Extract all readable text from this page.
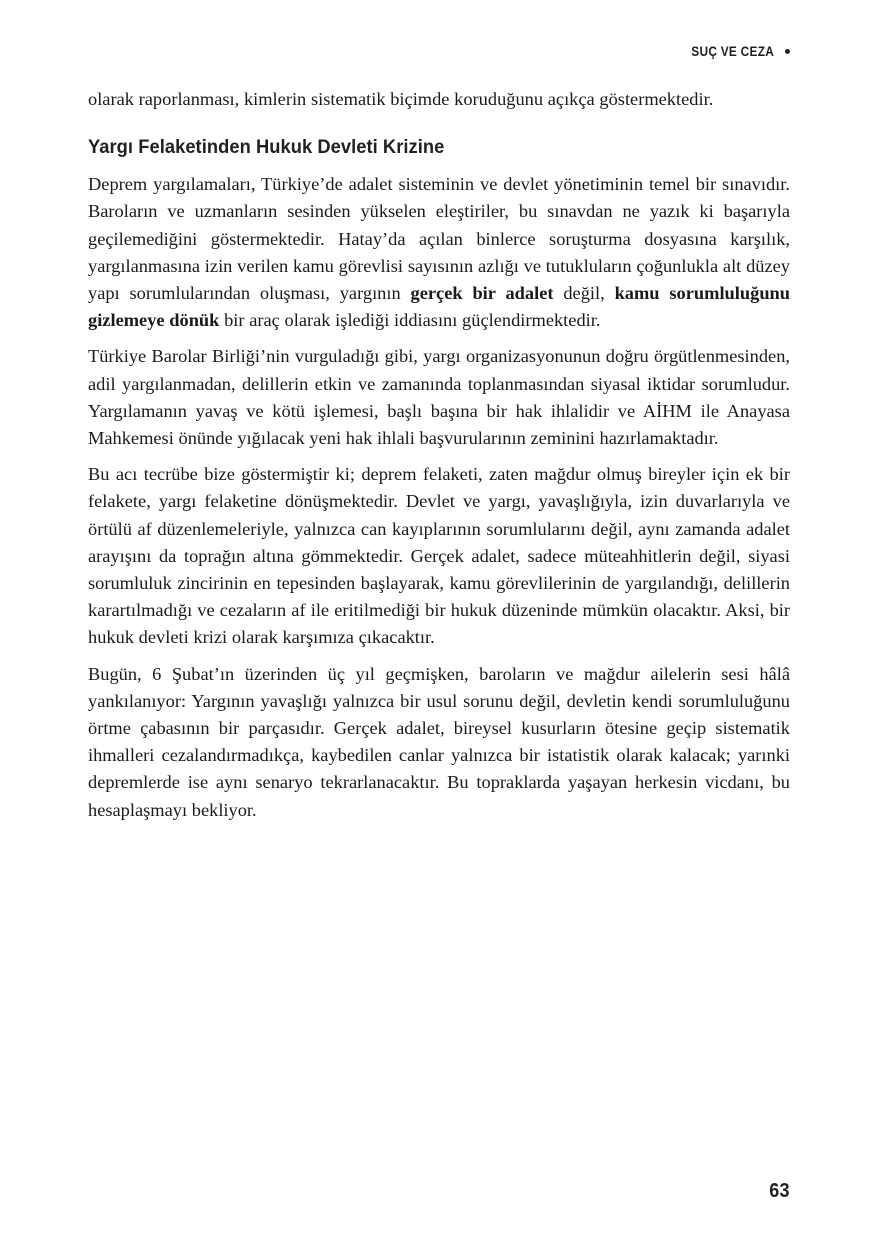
SUÇ VE CEZA

olarak raporlanması, kimlerin sistematik biçimde koruduğunu açıkça göstermektedir.

Yargı Felaketinden Hukuk Devleti Krizine

Deprem yargılamaları, Türkiye’de adalet sisteminin ve devlet yönetiminin temel bir sınavıdır. Baroların ve uzmanların sesinden yükselen eleştiriler, bu sınavdan ne yazık ki başarıyla geçilemediğini göstermektedir. Hatay’da açılan binlerce soruşturma dosyasına karşılık, yargılanmasına izin verilen kamu görevlisi sayısının azlığı ve tutukluların çoğunlukla alt düzey yapı sorumlularından oluşması, yargının gerçek bir adalet değil, kamu sorumluluğunu gizlemeye dönük bir araç olarak işlediği iddiasını güçlendirmektedir.

Türkiye Barolar Birliği’nin vurguladığı gibi, yargı organizasyonunun doğru örgütlenmesinden, adil yargılanmadan, delillerin etkin ve zamanında toplanmasından siyasal iktidar sorumludur. Yargılamanın yavaş ve kötü işlemesi, başlı başına bir hak ihlalidir ve AİHM ile Anayasa Mahkemesi önünde yığılacak yeni hak ihlali başvurularının zeminini hazırlamaktadır.

Bu acı tecrübe bize göstermiştir ki; deprem felaketi, zaten mağdur olmuş bireyler için ek bir felakete, yargı felaketine dönüşmektedir. Devlet ve yargı, yavaşlığıyla, izin duvarlarıyla ve örtülü af düzenlemeleriyle, yalnızca can kayıplarının sorumlularını değil, aynı zamanda adalet arayışını da toprağın altına gömmektedir. Gerçek adalet, sadece müteahhitlerin değil, siyasi sorumluluk zincirinin en tepesinden başlayarak, kamu görevlilerinin de yargılandığı, delillerin karartılmadığı ve cezaların af ile eritilmediği bir hukuk düzeninde mümkün olacaktır. Aksi, bir hukuk devleti krizi olarak karşımıza çıkacaktır.

Bugün, 6 Şubat’ın üzerinden üç yıl geçmişken, baroların ve mağdur ailelerin sesi hâlâ yankılanıyor: Yargının yavaşlığı yalnızca bir usul sorunu değil, devletin kendi sorumluluğunu örtme çabasının bir parçasıdır. Gerçek adalet, bireysel kusurların ötesine geçip sistematik ihmalleri cezalandırmadıkça, kaybedilen canlar yalnızca bir istatistik olarak kalacak; yarınki depremlerde ise aynı senaryo tekrarlanacaktır. Bu topraklarda yaşayan herkesin vicdanı, bu hesaplaşmayı bekliyor.

63
